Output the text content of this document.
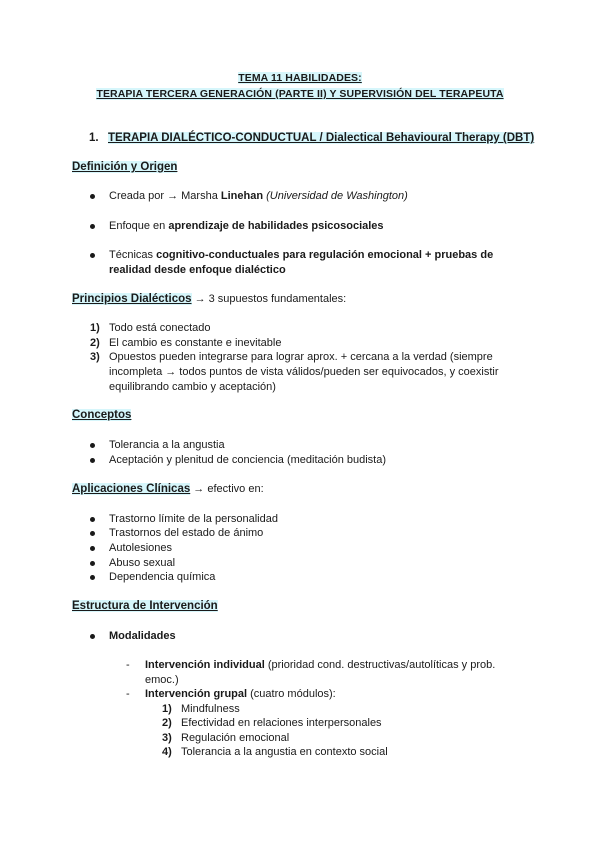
TEMA 11 HABILIDADES:
TERAPIA TERCERA GENERACIÓN (PARTE II) Y SUPERVISIÓN DEL TERAPEUTA
1. TERAPIA DIALÉCTICO-CONDUCTUAL / Dialectical Behavioural Therapy (DBT)
Definición y Origen
Creada por → Marsha Linehan (Universidad de Washington)
Enfoque en aprendizaje de habilidades psicosociales
Técnicas cognitivo-conductuales para regulación emocional + pruebas de
realidad desde enfoque dialéctico
Principios Dialécticos → 3 supuestos fundamentales:
1) Todo está conectado
2) El cambio es constante e inevitable
3) Opuestos pueden integrarse para lograr aprox. + cercana a la verdad (siempre
incompleta → todos puntos de vista válidos/pueden ser equivocados, y coexistir
equilibrando cambio y aceptación)
Conceptos
Tolerancia a la angustia
Aceptación y plenitud de conciencia (meditación budista)
Aplicaciones Clínicas → efectivo en:
Trastorno límite de la personalidad
Trastornos del estado de ánimo
Autolesiones
Abuso sexual
Dependencia química
Estructura de Intervención
Modalidades
- Intervención individual (prioridad cond. destructivas/autolíticas y prob.
emoc.)
- Intervención grupal (cuatro módulos):
1) Mindfulness
2) Efectividad en relaciones interpersonales
3) Regulación emocional
4) Tolerancia a la angustia en contexto social
